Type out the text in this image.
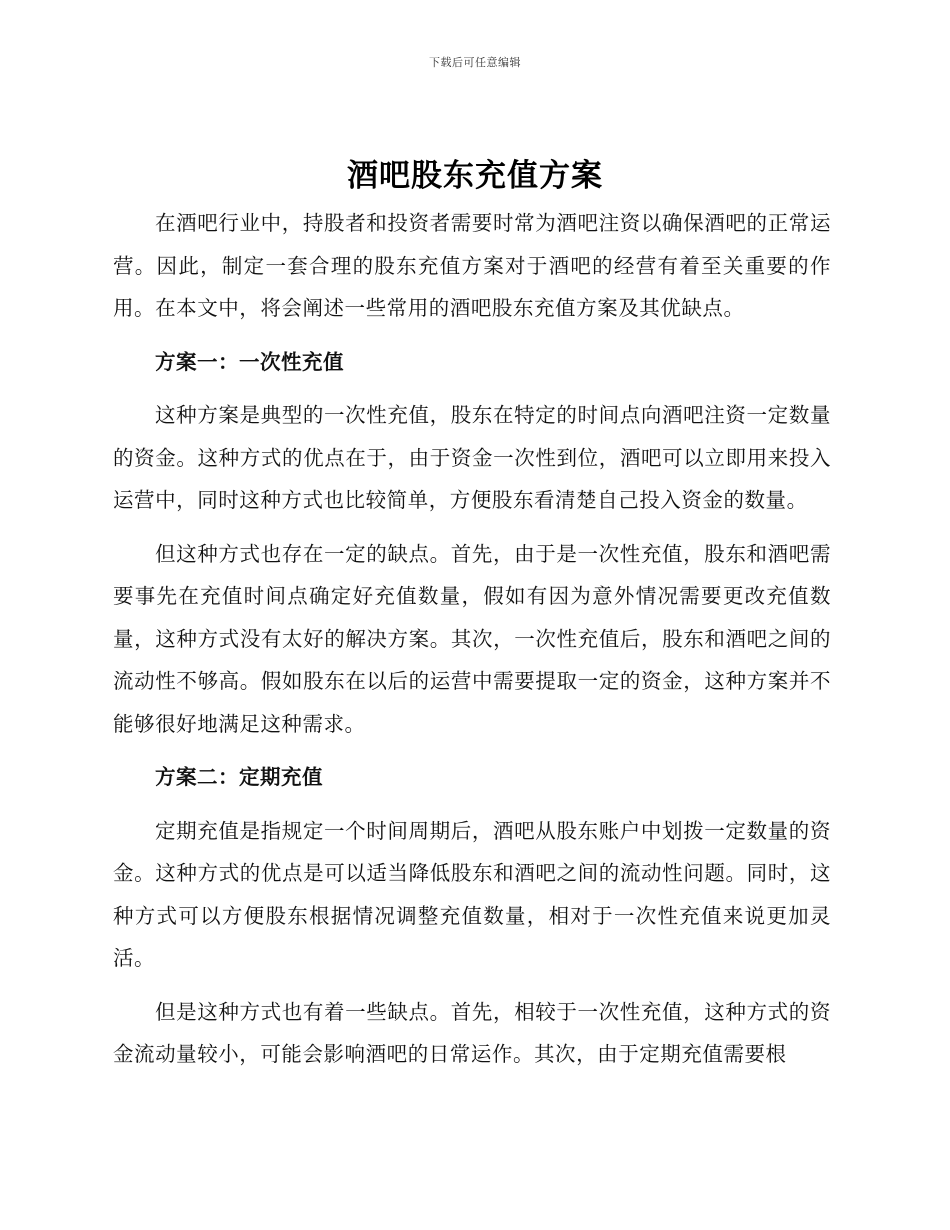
下载后可任意编辑
酒吧股东充值方案

在酒吧行业中，持股者和投资者需要时常为酒吧注资以确保酒吧的正常运营。因此，制定一套合理的股东充值方案对于酒吧的经营有着至关重要的作用。在本文中，将会阐述一些常用的酒吧股东充值方案及其优缺点。

方案一：一次性充值

这种方案是典型的一次性充值，股东在特定的时间点向酒吧注资一定数量的资金。这种方式的优点在于，由于资金一次性到位，酒吧可以立即用来投入运营中，同时这种方式也比较简单，方便股东看清楚自己投入资金的数量。

但这种方式也存在一定的缺点。首先，由于是一次性充值，股东和酒吧需要事先在充值时间点确定好充值数量，假如有因为意外情况需要更改充值数量，这种方式没有太好的解决方案。其次，一次性充值后，股东和酒吧之间的流动性不够高。假如股东在以后的运营中需要提取一定的资金，这种方案并不能够很好地满足这种需求。

方案二：定期充值

定期充值是指规定一个时间周期后，酒吧从股东账户中划拨一定数量的资金。这种方式的优点是可以适当降低股东和酒吧之间的流动性问题。同时，这种方式可以方便股东根据情况调整充值数量，相对于一次性充值来说更加灵活。

但是这种方式也有着一些缺点。首先，相较于一次性充值，这种方式的资金流动量较小，可能会影响酒吧的日常运作。其次，由于定期充值需要根
